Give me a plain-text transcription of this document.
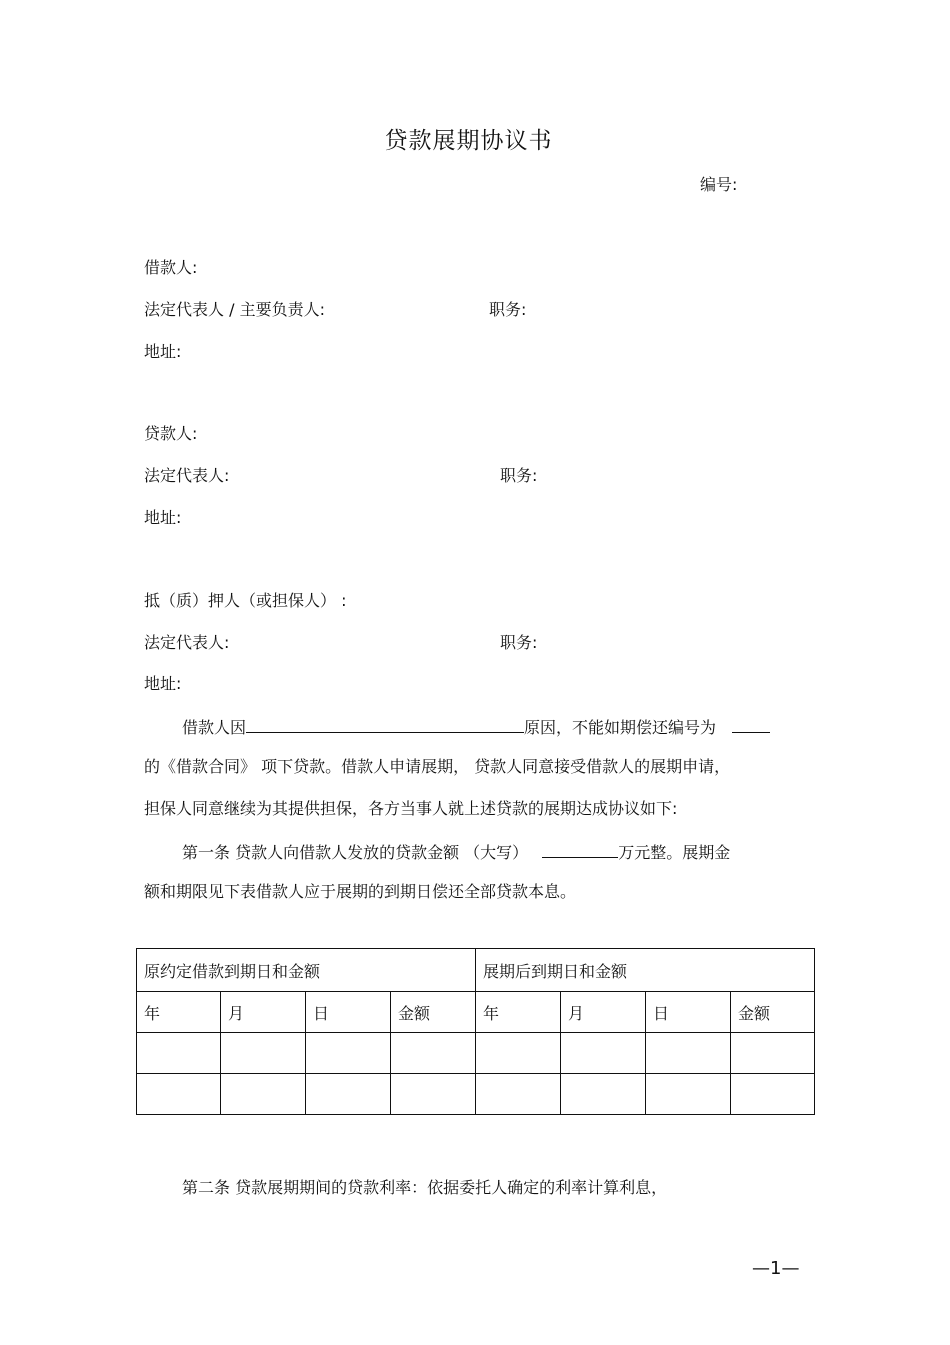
贷款展期协议书
编号:
借款人:
法定代表人 / 主要负责人:	职务:
地址:
贷款人:
法定代表人:	职务:
地址:
抵（质）押人（或担保人） :
法定代表人:	职务:
地址:
借款人因	原因，不能如期偿还编号为
的《借款合同》 项下贷款。借款人申请展期， 贷款人同意接受借款人的展期申请，
担保人同意继续为其提供担保，各方当事人就上述贷款的展期达成协议如下:
第一条 贷款人向借款人发放的贷款金额 （大写）	万元整。展期金
额和期限见下表借款人应于展期的到期日偿还全部贷款本息。
原约定借款到期日和金额				展期后到期日和金额			
年	月	日	金额	年	月	日	金额

第二条 贷款展期期间的贷款利率：依据委托人确定的利率计算利息，
—1—
